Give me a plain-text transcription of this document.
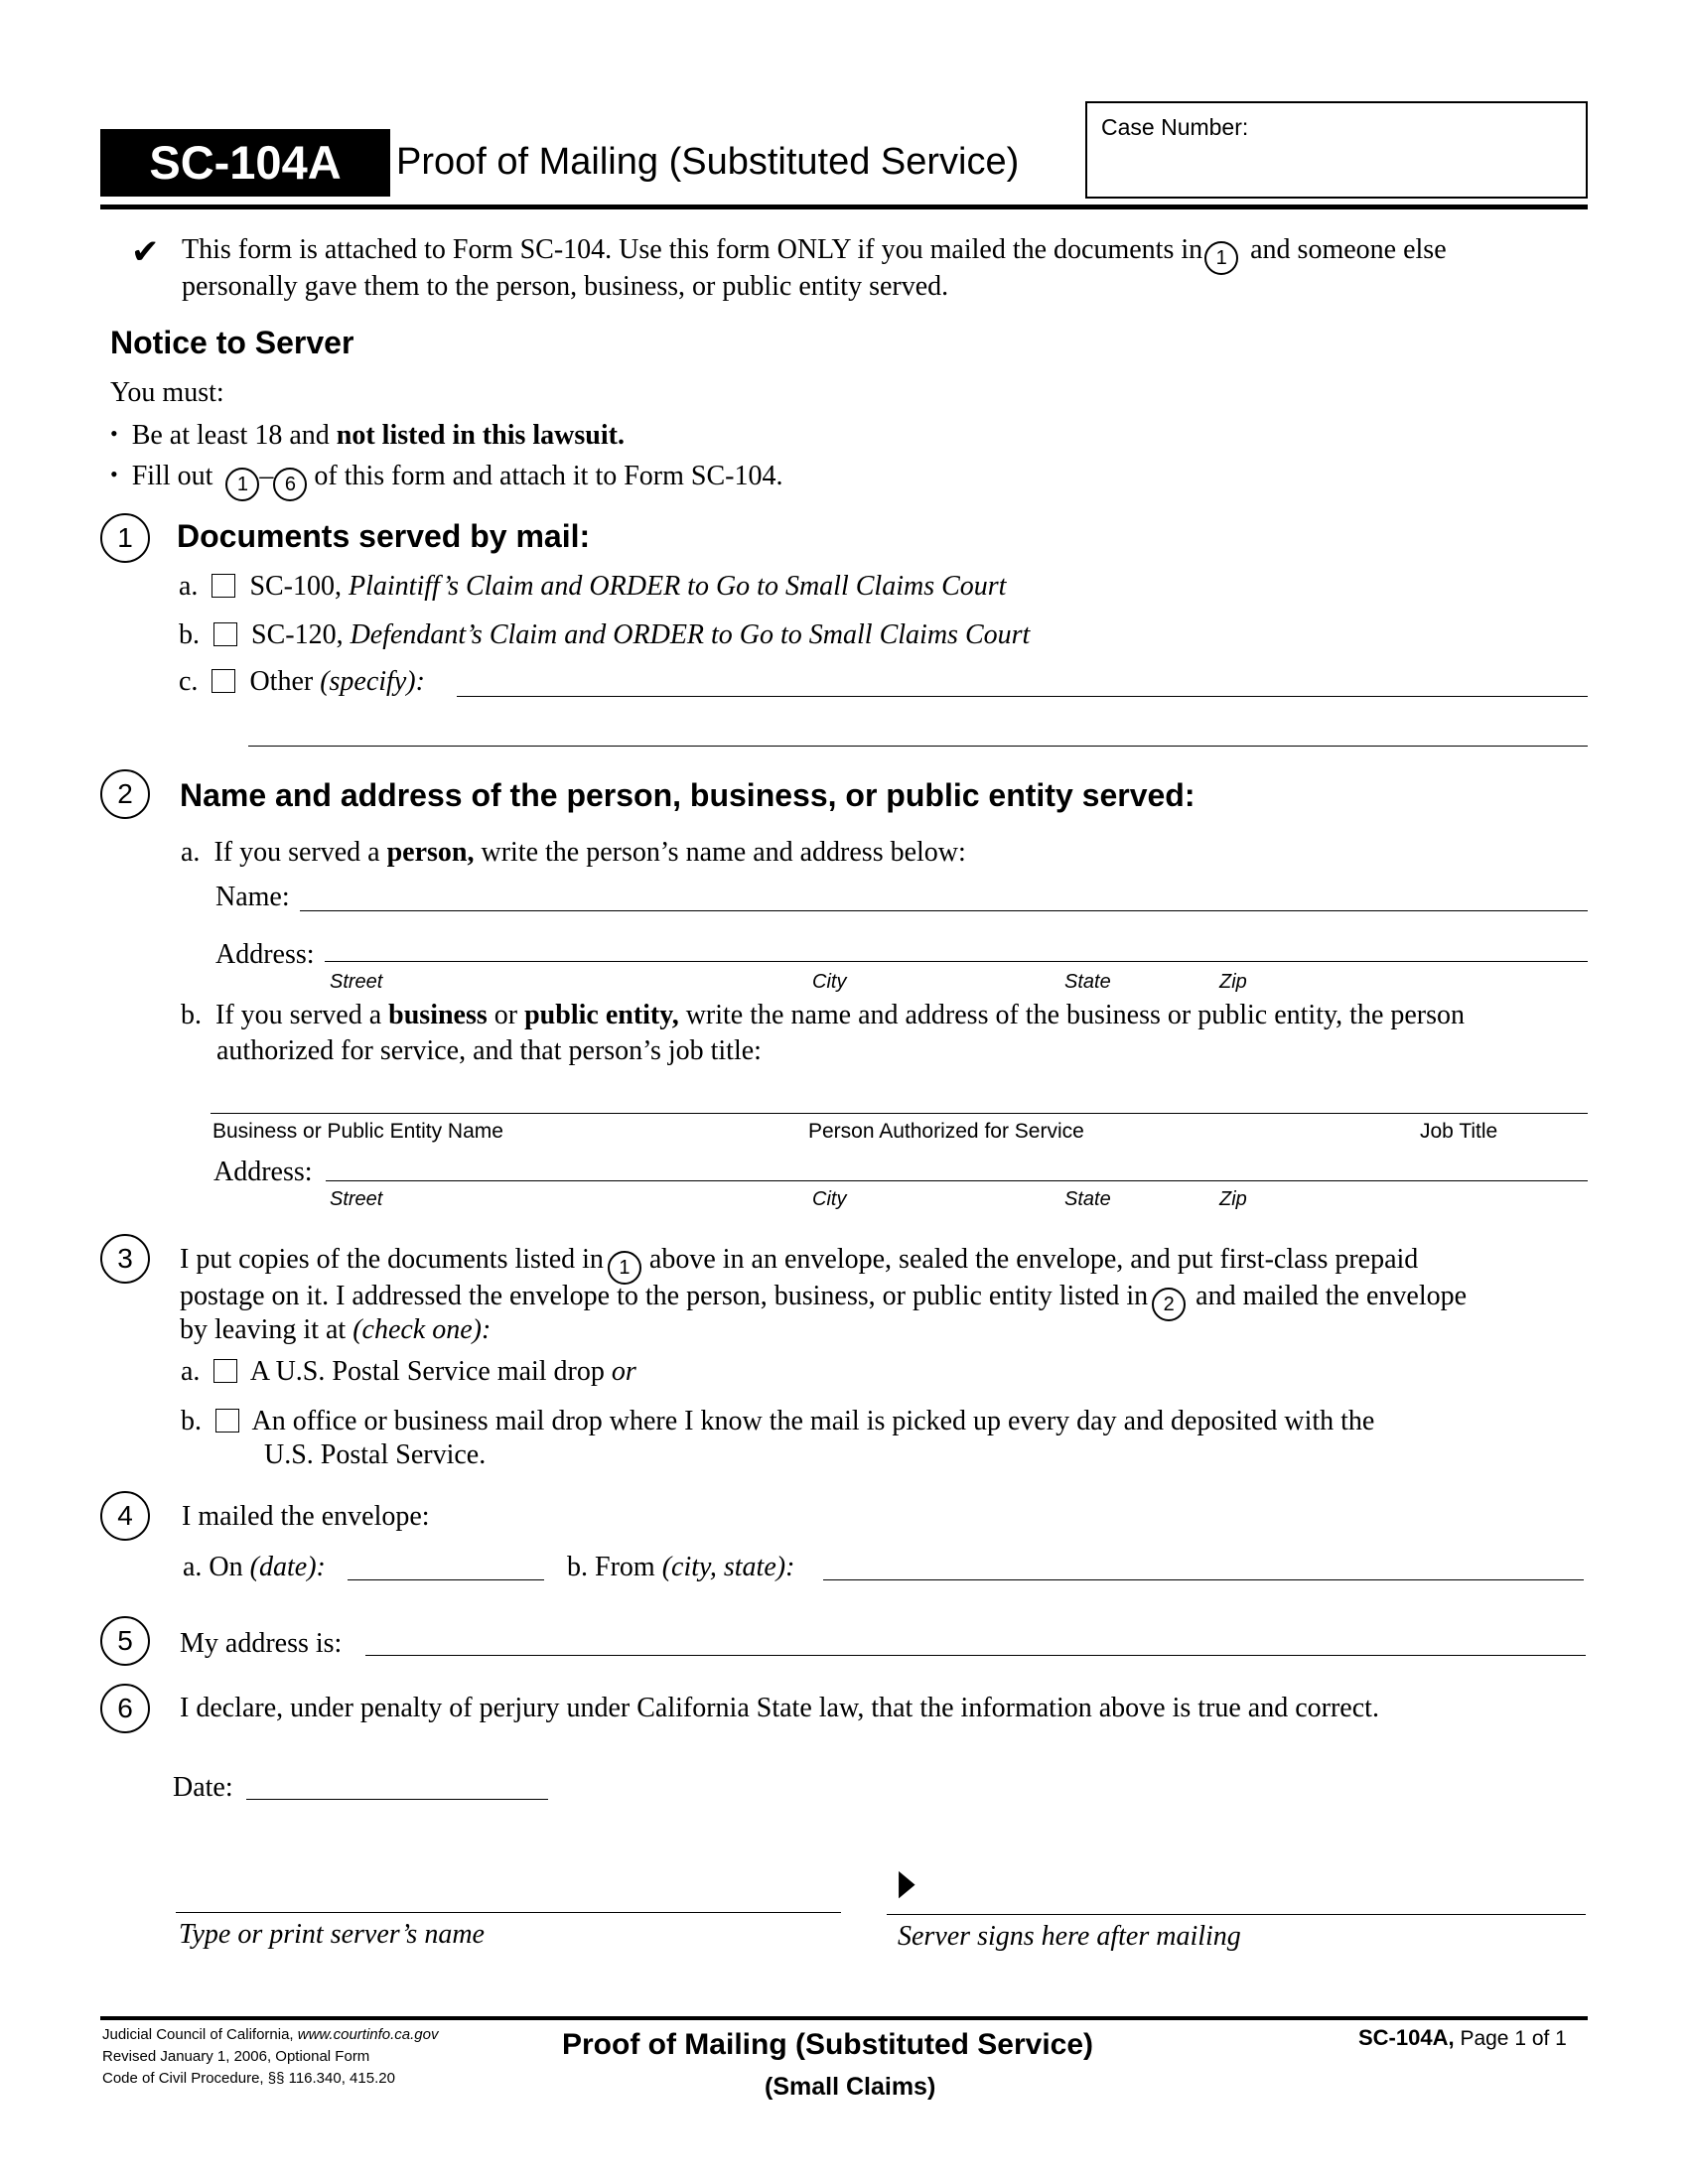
SC-104A	Proof of Mailing (Substituted Service)
Case Number:
✔ This form is attached to Form SC-104. Use this form ONLY if you mailed the documents in 1 and someone else
personally gave them to the person, business, or public entity served.
Notice to Server
You must:
• Be at least 18 and not listed in this lawsuit.
• Fill out 1 – 6 of this form and attach it to Form SC-104.
1	Documents served by mail:
a. SC-100, Plaintiff’s Claim and ORDER to Go to Small Claims Court
b. SC-120, Defendant’s Claim and ORDER to Go to Small Claims Court
c. Other (specify):
2	Name and address of the person, business, or public entity served:
a. If you served a person, write the person’s name and address below:
Name:
Address:
Street	City	State	Zip
b. If you served a business or public entity, write the name and address of the business or public entity, the person
authorized for service, and that person’s job title:
Business or Public Entity Name	Person Authorized for Service	Job Title
Address:
Street	City	State	Zip
3	I put copies of the documents listed in 1 above in an envelope, sealed the envelope, and put first-class prepaid
postage on it. I addressed the envelope to the person, business, or public entity listed in 2 and mailed the envelope
by leaving it at (check one):
a. A U.S. Postal Service mail drop or
b. An office or business mail drop where I know the mail is picked up every day and deposited with the
U.S. Postal Service.
4	I mailed the envelope:
a. On (date):	b. From (city, state):
5	My address is:
6	I declare, under penalty of perjury under California State law, that the information above is true and correct.
Date:
Type or print server’s name
▶
Server signs here after mailing
Judicial Council of California, www.courtinfo.ca.gov
Revised January 1, 2006, Optional Form
Code of Civil Procedure, §§ 116.340, 415.20
Proof of Mailing (Substituted Service)
(Small Claims)
SC-104A, Page 1 of 1
